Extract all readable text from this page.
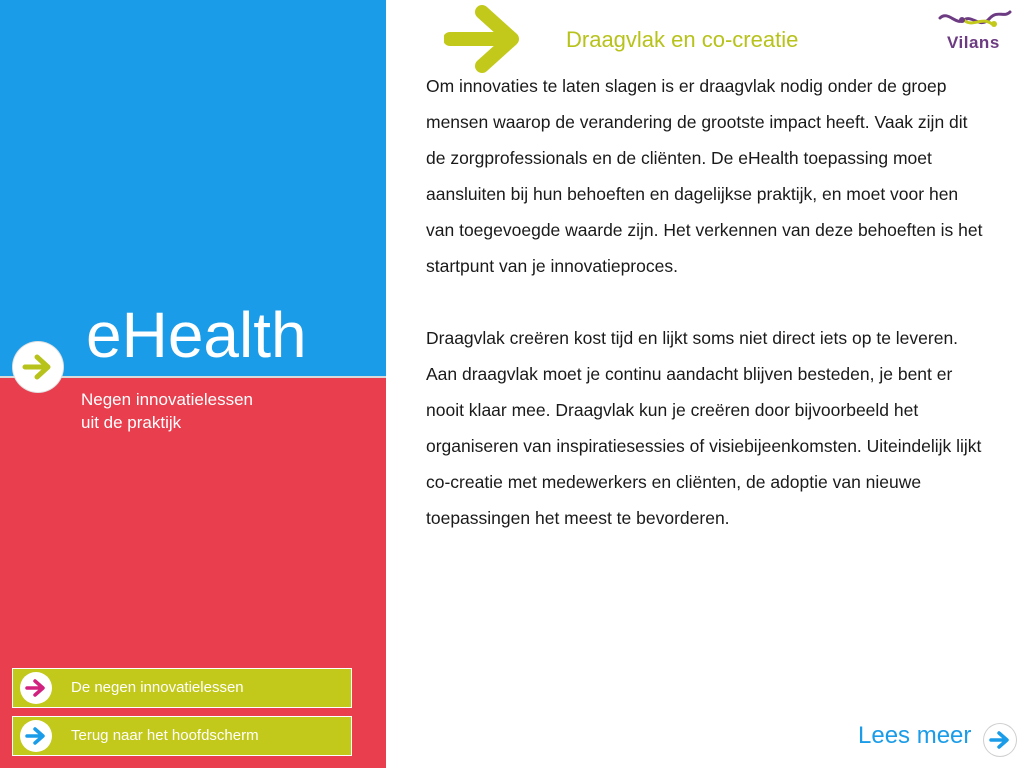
eHealth
Negen innovatielessen
uit de praktijk
De negen innovatielessen
Terug naar het hoofdscherm
Draagvlak en co-creatie	Vilans

Om innovaties te laten slagen is er draagvlak nodig onder de groep mensen waarop de verandering de grootste impact heeft. Vaak zijn dit de zorgprofessionals en de cliënten. De eHealth toepassing moet aansluiten bij hun behoeften en dagelijkse praktijk, en moet voor hen van toegevoegde waarde zijn. Het verkennen van deze behoeften is het startpunt van je innovatieproces.

Draagvlak creëren kost tijd en lijkt soms niet direct iets op te leveren. Aan draagvlak moet je continu aandacht blijven besteden, je bent er nooit klaar mee. Draagvlak kun je creëren door bijvoorbeeld het organiseren van inspiratiesessies of visiebijeenkomsten. Uiteindelijk lijkt co-creatie met medewerkers en cliënten, de adoptie van nieuwe toepassingen het meest te bevorderen.

Lees meer
